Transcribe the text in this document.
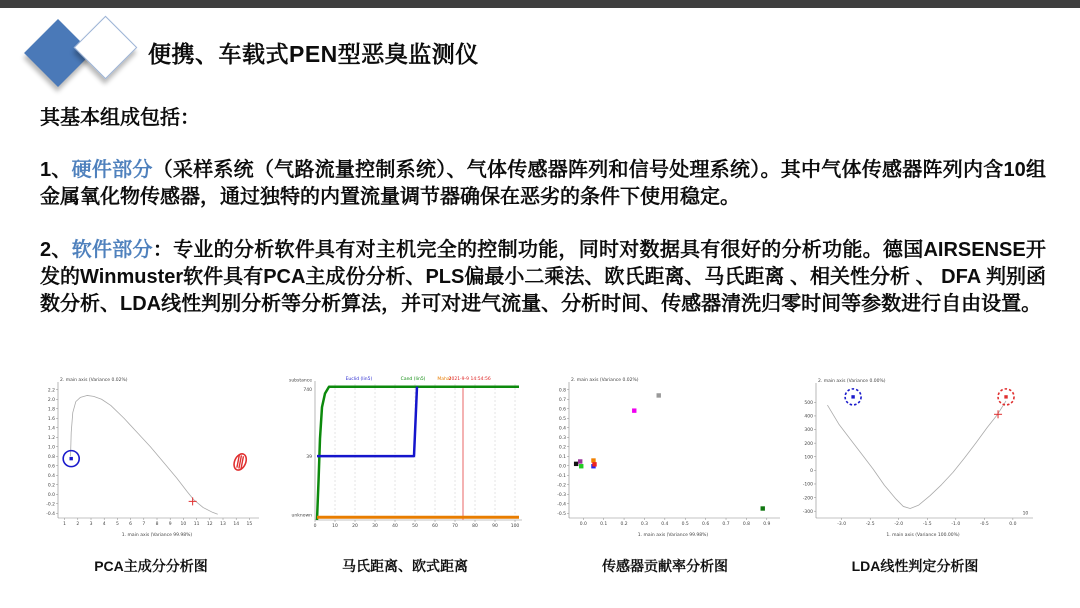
便携、车载式PEN型恶臭监测仪
其基本组成包括：
1、硬件部分（采样系统（气路流量控制系统）、气体传感器阵列和信号处理系统）。其中气体传感器阵列内含10组金属氧化物传感器，通过独特的内置流量调节器确保在恶劣的条件下使用稳定。
2、软件部分：专业的分析软件具有对主机完全的控制功能，同时对数据具有很好的分析功能。德国AIRSENSE开发的Winmuster软件具有PCA主成份分析、PLS偏最小二乘法、欧氏距离、马氏距离 、相关性分析 、 DFA 判别函数分析、LDA线性判别分析等分析算法，并可对进气流量、分析时间、传感器清洗归零时间等参数进行自由设置。
1 2 3 4 5 6 7 8 9 10 11 12 13 14 15
2.2
2.0
1.8
1.6
1.4
1.2
1.0
0.8
0.6
0.4
0.2
0.0
-0.2
-0.4
2. main axis (Variance 0.02%)
1. main axis (Variance 99.98%)
0	10	20	30	40	50	60	70	80	90	100
substance
740
39
unknown
Euclid (lin5)	Cand (lin5)	Mahal
2021-9-9 14:54:56
0.0	0.1	0.2	0.3	0.4	0.5	0.6	0.7	0.8	0.9
0.8
0.7
0.6
0.5
0.4
0.3
0.2
0.1
0.0
-0.1
-0.2
-0.3
-0.4
-0.5
2. main axis (Variance 0.02%)
1. main axis (Variance 99.98%)
-3.0	-2.5	-2.0	-1.5	-1.0	-0.5	0.0
500
400
300
200
100
0
-100
-200
-300
2. main axis (Variance 0.00%)
1. main axis (Variance 100.00%)
10
PCA主成分分析图	马氏距离、欧式距离	传感器贡献率分析图	LDA线性判定分析图
